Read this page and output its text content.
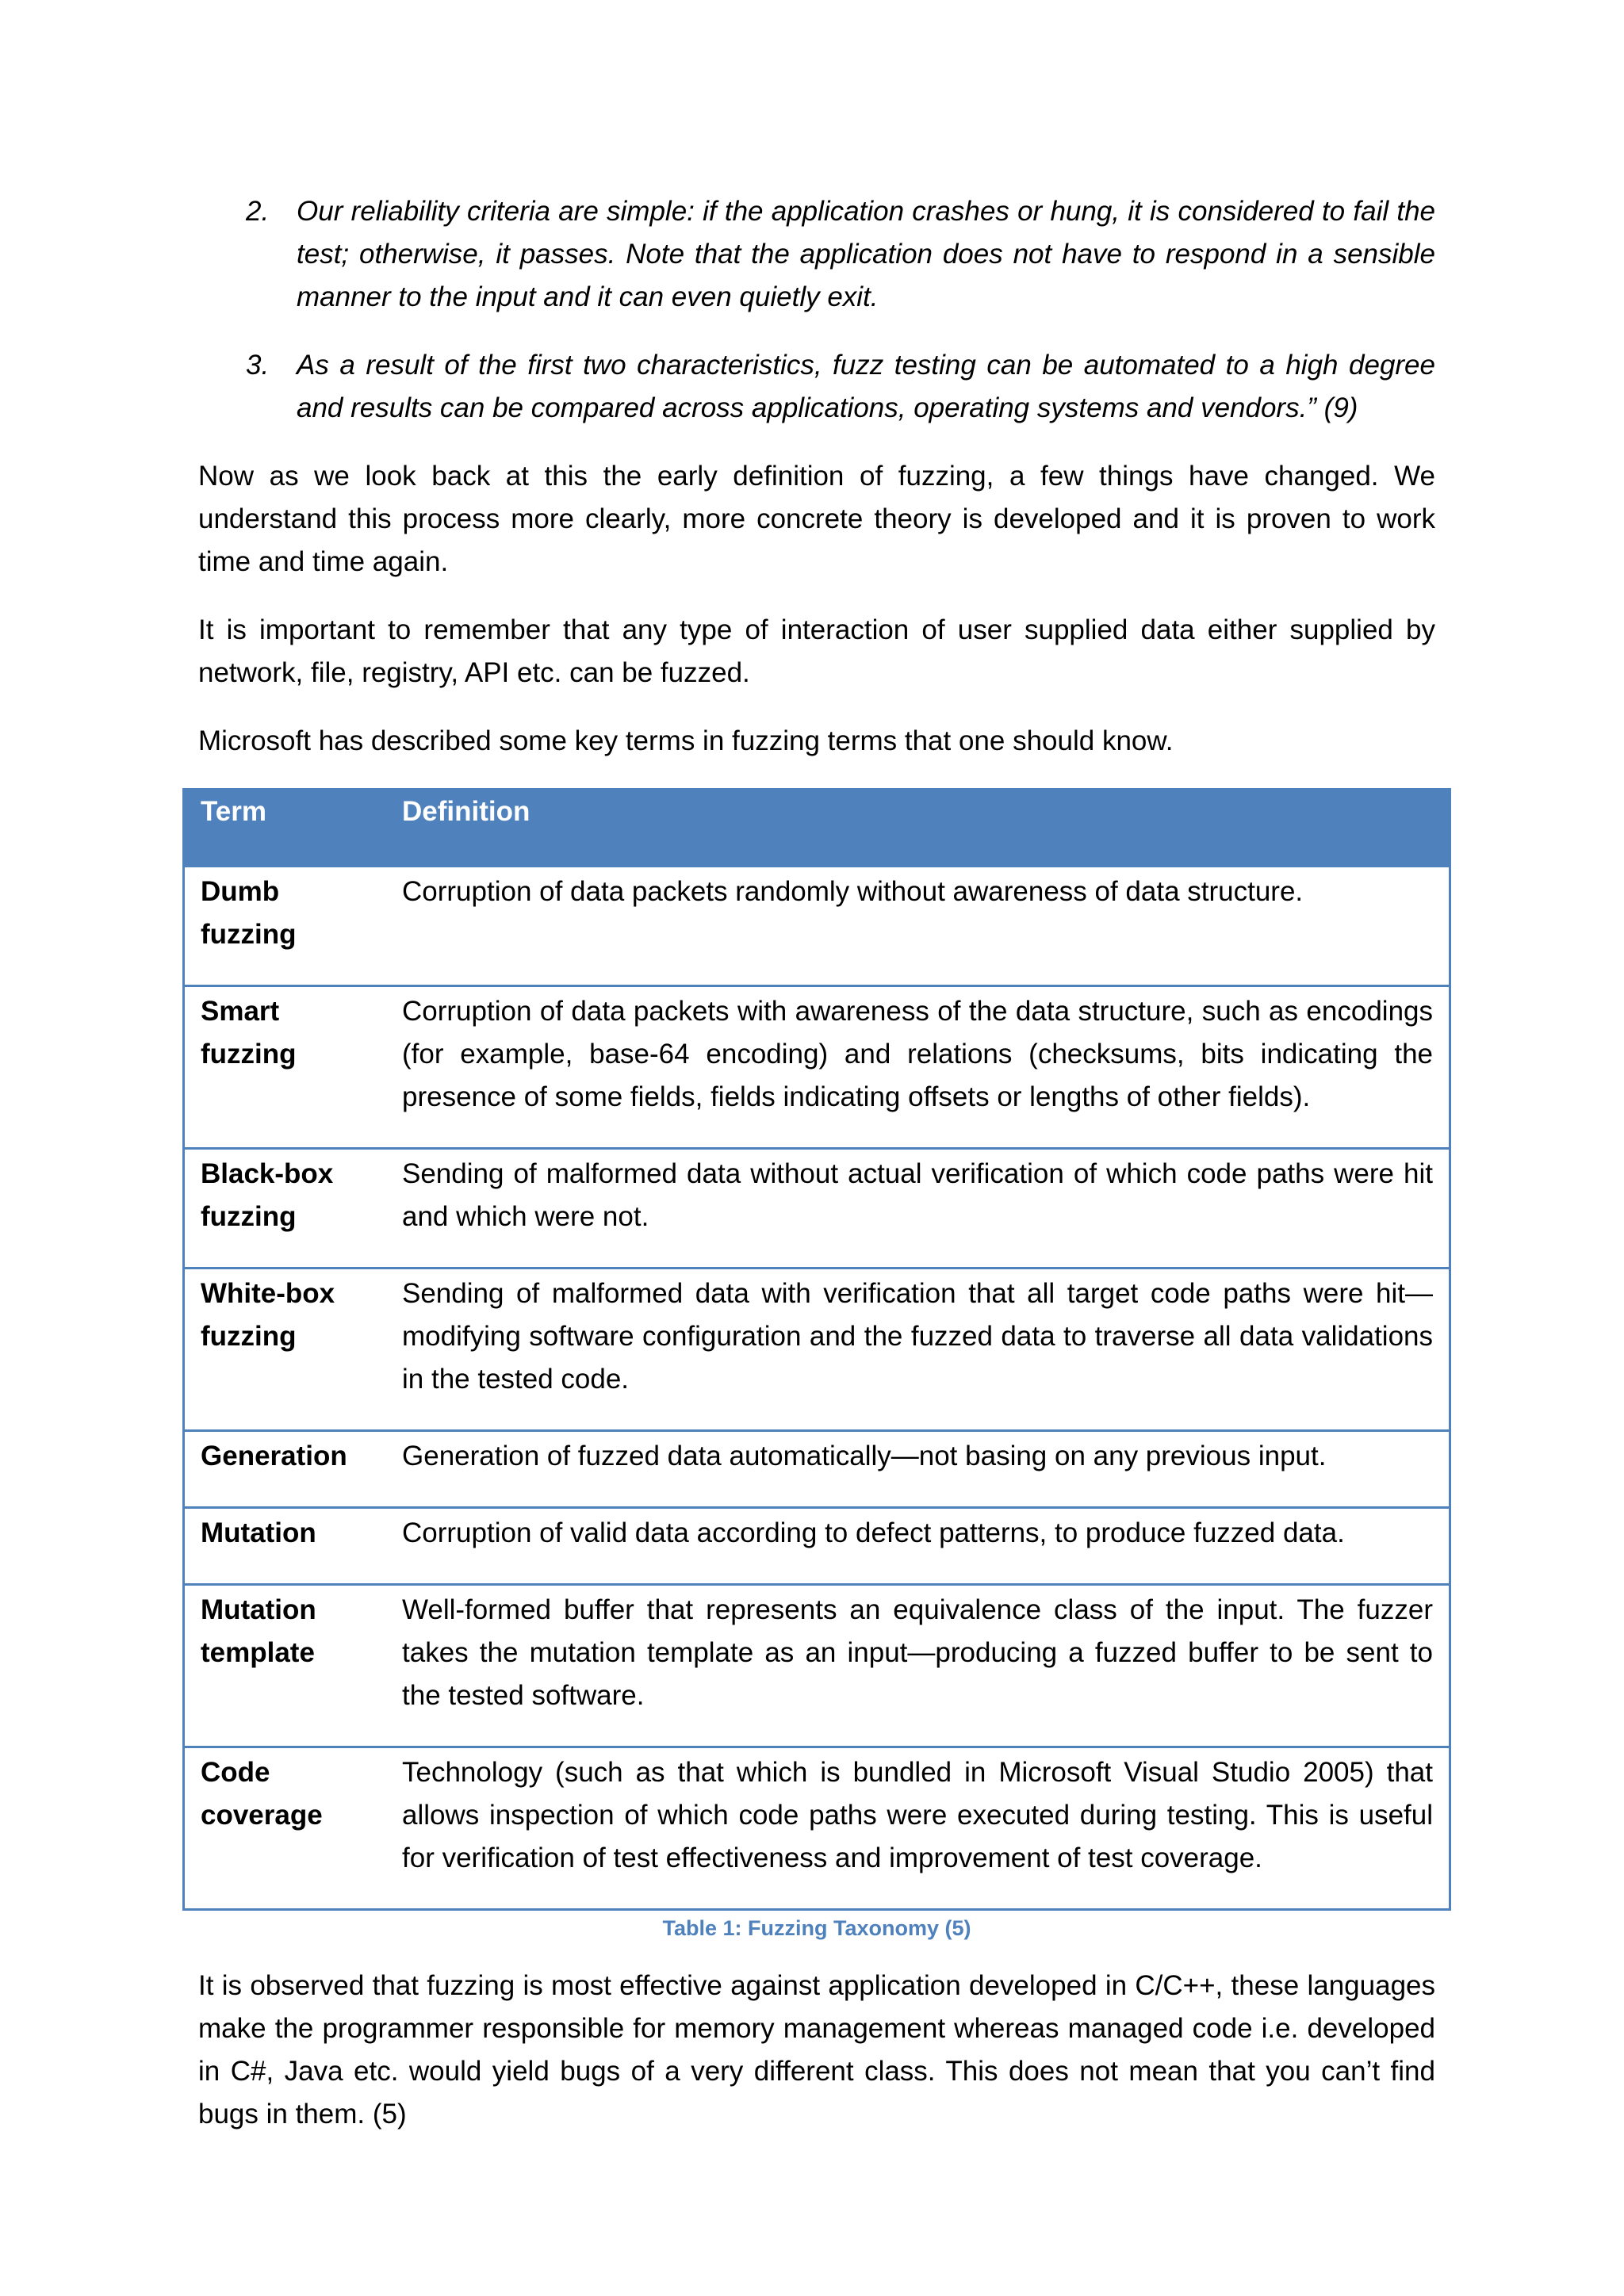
2. Our reliability criteria are simple: if the application crashes or hung, it is considered to fail the test; otherwise, it passes. Note that the application does not have to respond in a sensible manner to the input and it can even quietly exit.
3. As a result of the first two characteristics, fuzz testing can be automated to a high degree and results can be compared across applications, operating systems and vendors.” (9)

Now as we look back at this the early definition of fuzzing, a few things have changed. We understand this process more clearly, more concrete theory is developed and it is proven to work time and time again.

It is important to remember that any type of interaction of user supplied data either supplied by network, file, registry, API etc. can be fuzzed.

Microsoft has described some key terms in fuzzing terms that one should know.

Term	Definition
Dumb fuzzing	Corruption of data packets randomly without awareness of data structure.
Smart fuzzing	Corruption of data packets with awareness of the data structure, such as encodings (for example, base-64 encoding) and relations (checksums, bits indicating the presence of some fields, fields indicating offsets or lengths of other fields).
Black-box fuzzing	Sending of malformed data without actual verification of which code paths were hit and which were not.
White-box fuzzing	Sending of malformed data with verification that all target code paths were hit—modifying software configuration and the fuzzed data to traverse all data validations in the tested code.
Generation	Generation of fuzzed data automatically—not basing on any previous input.
Mutation	Corruption of valid data according to defect patterns, to produce fuzzed data.
Mutation template	Well-formed buffer that represents an equivalence class of the input. The fuzzer takes the mutation template as an input—producing a fuzzed buffer to be sent to the tested software.
Code coverage	Technology (such as that which is bundled in Microsoft Visual Studio 2005) that allows inspection of which code paths were executed during testing. This is useful for verification of test effectiveness and improvement of test coverage.
Table 1: Fuzzing Taxonomy (5)

It is observed that fuzzing is most effective against application developed in C/C++, these languages make the programmer responsible for memory management whereas managed code i.e. developed in C#, Java etc. would yield bugs of a very different class. This does not mean that you can’t find bugs in them. (5)
